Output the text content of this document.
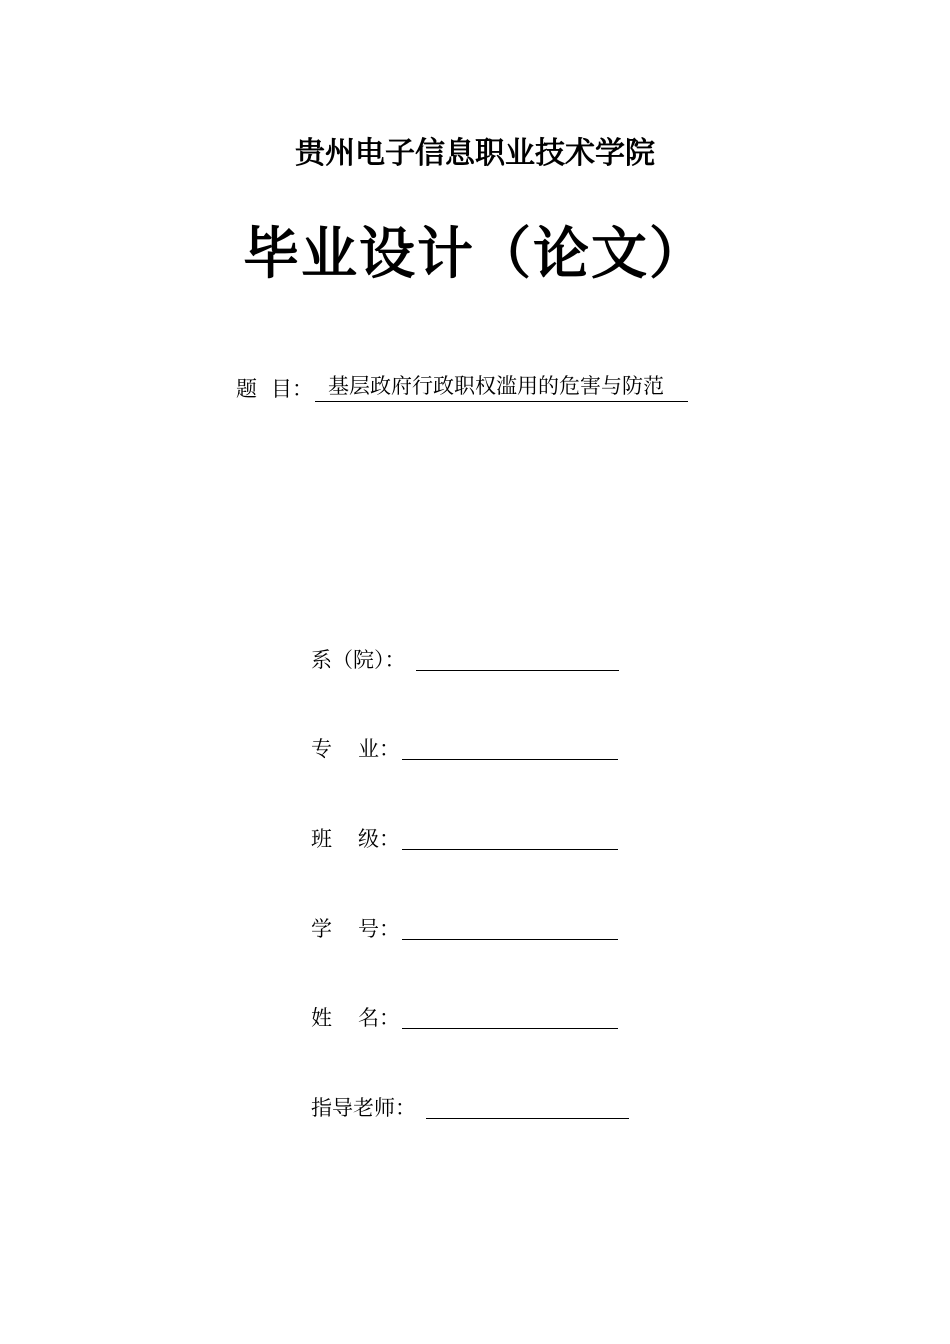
贵州电子信息职业技术学院
毕业设计（论文）
题 目： 基层政府行政职权滥用的危害与防范
系（院）：
专 业：
班 级：
学 号：
姓 名：
指导老师：
